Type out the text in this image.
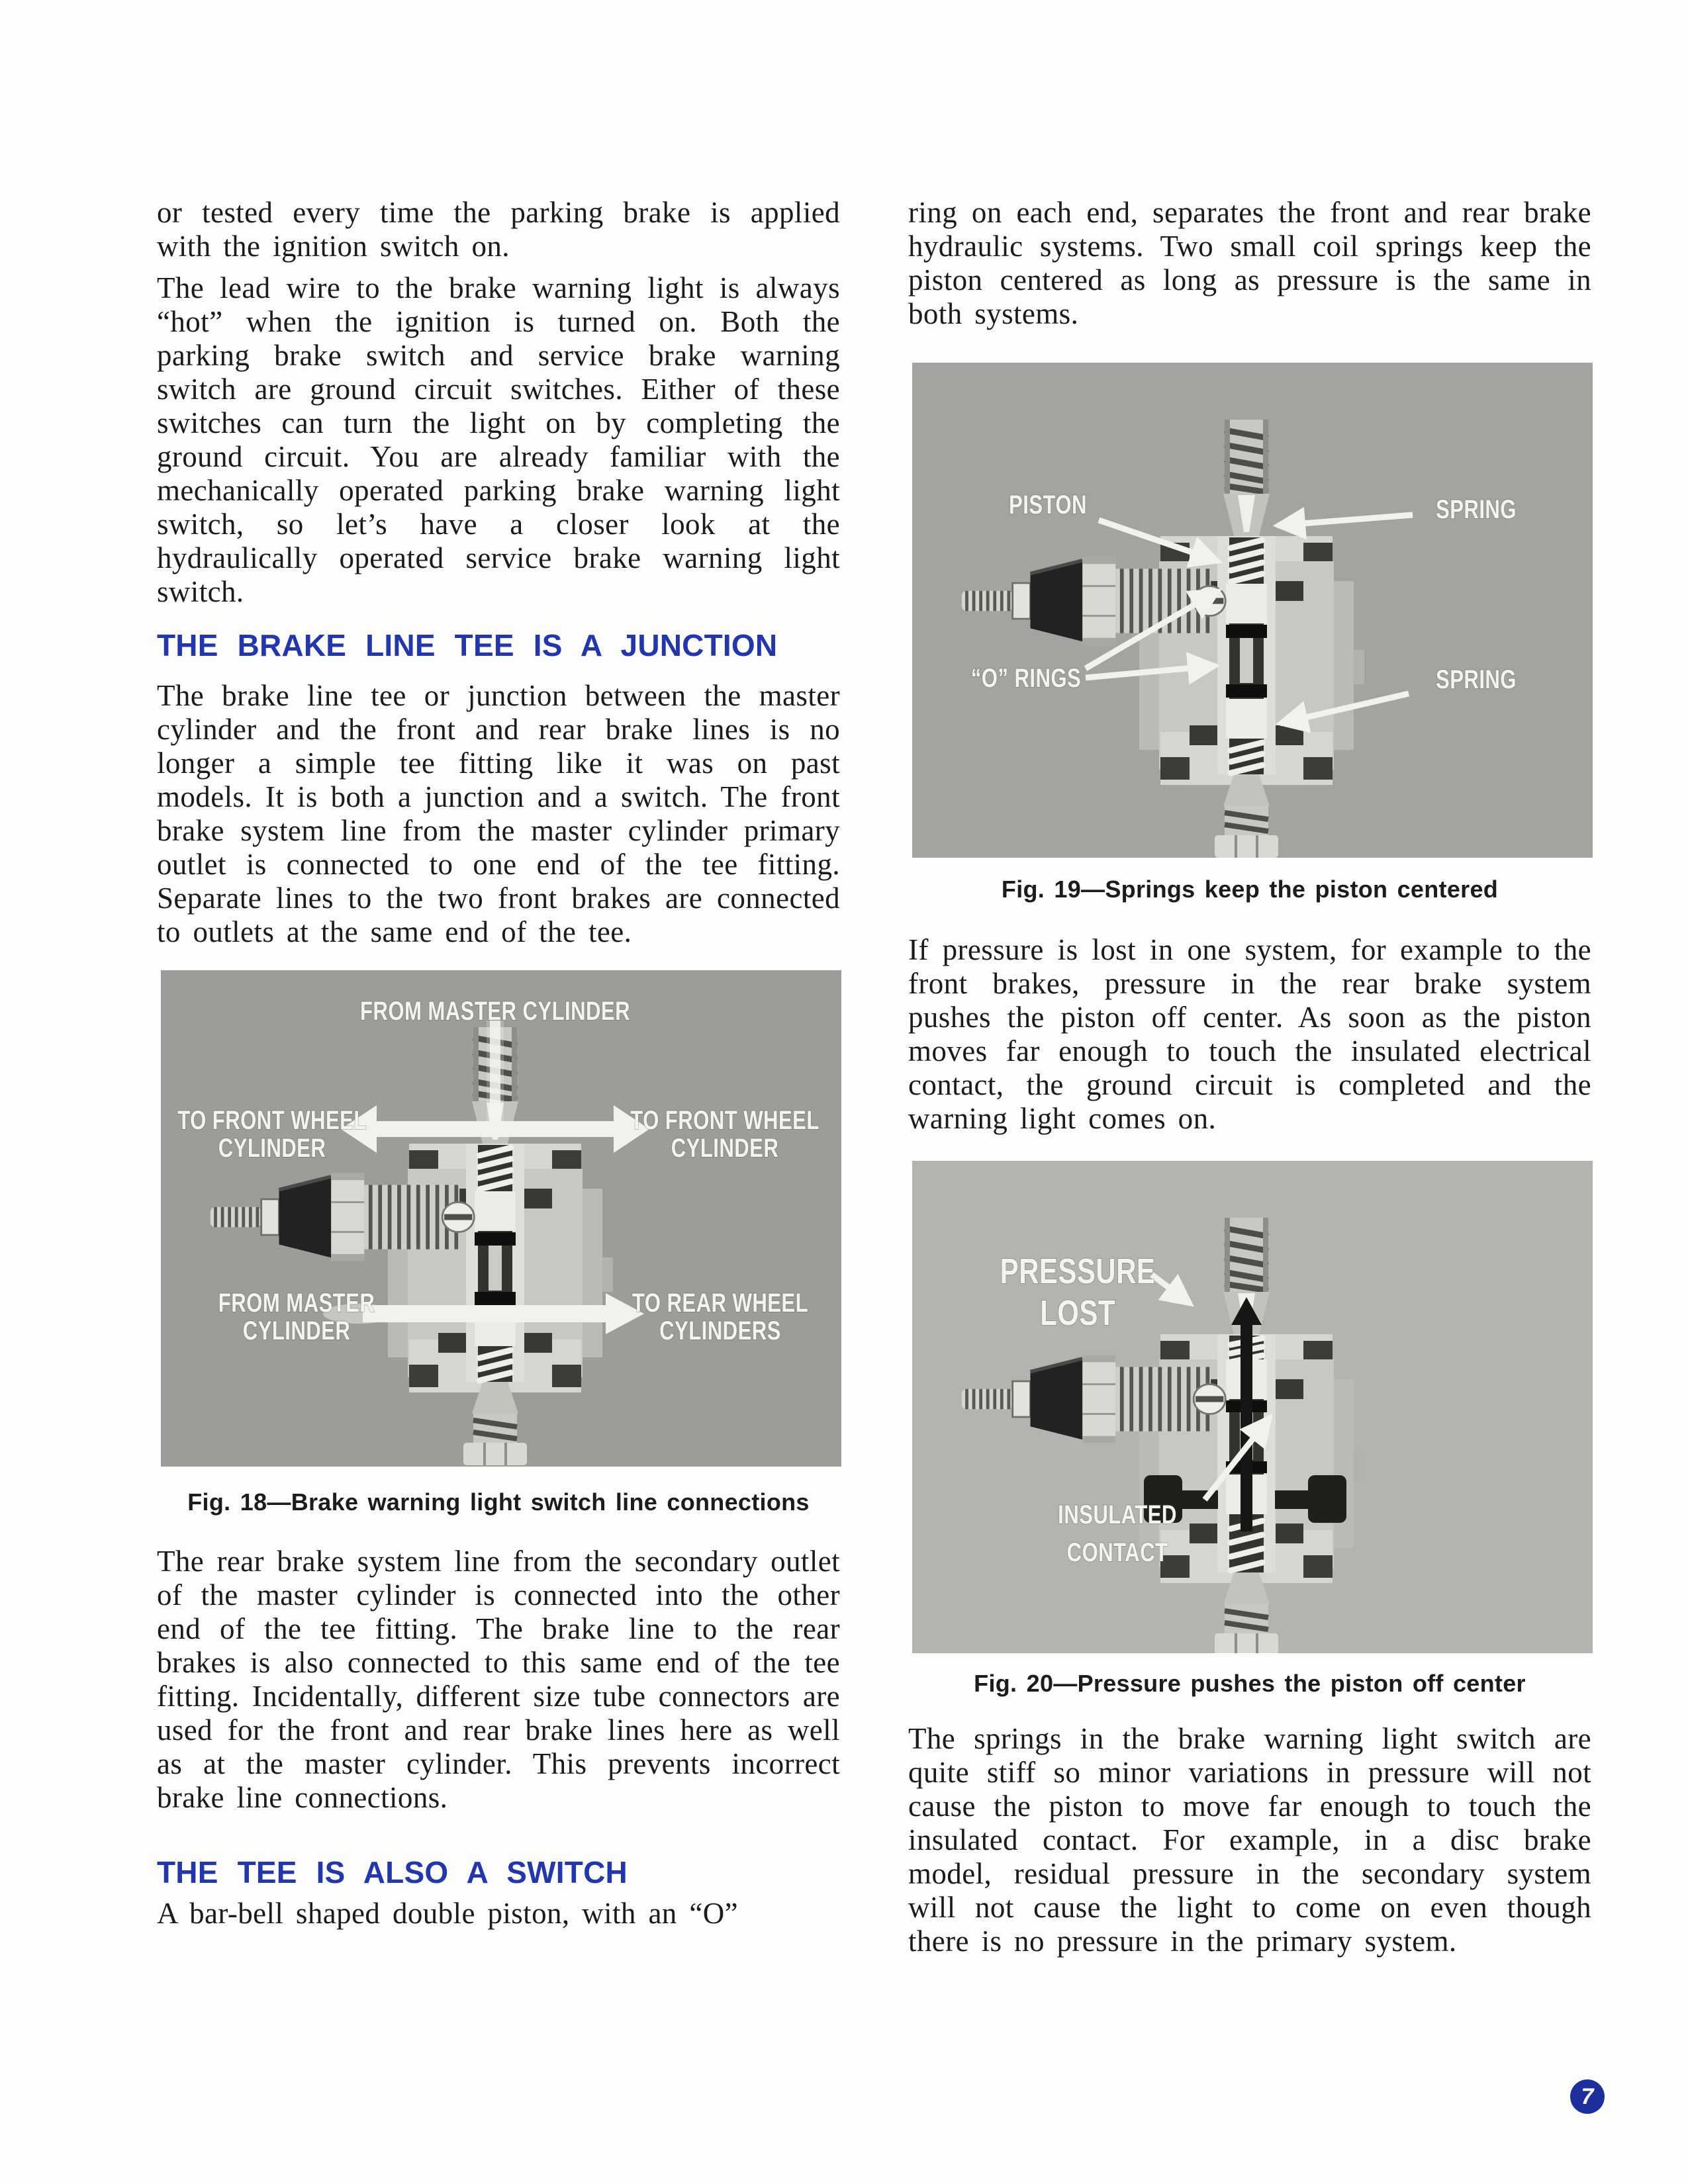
or tested every time the parking brake is applied with the ignition switch on.

The lead wire to the brake warning light is always “hot” when the ignition is turned on. Both the parking brake switch and service brake warning switch are ground circuit switches. Either of these switches can turn the light on by completing the ground circuit. You are already familiar with the mechanically operated parking brake warning light switch, so let’s have a closer look at the hydraulically operated service brake warning light switch.

THE BRAKE LINE TEE IS A JUNCTION

The brake line tee or junction between the master cylinder and the front and rear brake lines is no longer a simple tee fitting like it was on past models. It is both a junction and a switch. The front brake system line from the master cylinder primary outlet is connected to one end of the tee fitting. Separate lines to the two front brakes are connected to outlets at the same end of the tee.

FROM MASTER CYLINDER
TO FRONT WHEEL
CYLINDER
TO FRONT WHEEL
CYLINDER
FROM MASTER
CYLINDER
TO REAR WHEEL
CYLINDERS
Fig. 18—Brake warning light switch line connections

The rear brake system line from the secondary outlet of the master cylinder is connected into the other end of the tee fitting. The brake line to the rear brakes is also connected to this same end of the tee fitting. Incidentally, different size tube connectors are used for the front and rear brake lines here as well as at the master cylinder. This prevents incorrect brake line connections.

THE TEE IS ALSO A SWITCH

A bar-bell shaped double piston, with an “O”

ring on each end, separates the front and rear brake hydraulic systems. Two small coil springs keep the piston centered as long as pressure is the same in both systems.

PISTON	SPRING
“O” RINGS	SPRING
Fig. 19—Springs keep the piston centered

If pressure is lost in one system, for example to the front brakes, pressure in the rear brake system pushes the piston off center. As soon as the piston moves far enough to touch the insulated electrical contact, the ground circuit is completed and the warning light comes on.

PRESSURE
LOST
INSULATED
CONTACT
Fig. 20—Pressure pushes the piston off center

The springs in the brake warning light switch are quite stiff so minor variations in pressure will not cause the piston to move far enough to touch the insulated contact. For example, in a disc brake model, residual pressure in the secondary system will not cause the light to come on even though there is no pressure in the primary system.

7
